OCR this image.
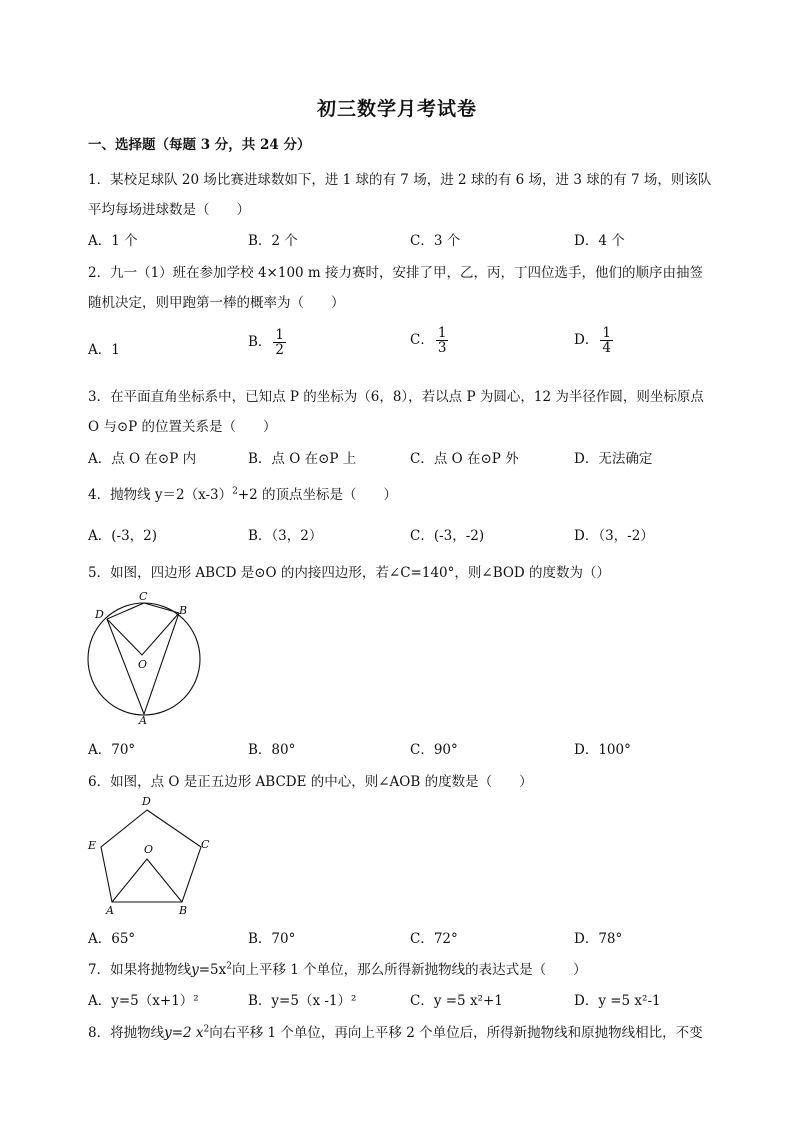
初三数学月考试卷
一、选择题（每题 3 分，共 24 分）
1．某校足球队 20 场比赛进球数如下，进 1 球的有 7 场，进 2 球的有 6 场，进 3 球的有 7 场，则该队
平均每场进球数是（　　）
A．1 个	B．2 个	C．3 个	D．4 个
2．九一（1）班在参加学校 4×100 m 接力赛时，安排了甲，乙，丙，丁四位选手，他们的顺序由抽签
随机决定，则甲跑第一棒的概率为（　　）
A．1	B． $\frac{1}{2}$	C． $\frac{1}{3}$	D． $\frac{1}{4}$
3．在平面直角坐标系中，已知点 P 的坐标为（6，8），若以点 P 为圆心，12 为半径作圆，则坐标原点
O 与⊙P 的位置关系是（　　）
A．点 O 在⊙P 内	B．点 O 在⊙P 上	C．点 O 在⊙P 外	D．无法确定
4．抛物线 $y=2(x-3)^2+2$ 的顶点坐标是（　　）
A．(-3，2)	B．（3，2）	C．(-3，-2)	D．（3，-2）
5．如图，四边形 ABCD 是⊙O 的内接四边形，若∠C=140°，则∠BOD 的度数为（）
D
C
B
O
A
A．70°	B．80°	C．90°	D．100°
6．如图，点 O 是正五边形 ABCDE 的中心，则∠AOB 的度数是（　　）
D
C
E	O
A	B
A．65°	B．70°	C．72°	D．78°
7．如果将抛物线$y=5x^2$向上平移 1 个单位，那么所得新抛物线的表达式是（　　）
A．y=5（x+1）²	B．y=5（x -1）²	C．y =5 x²+1	D．y =5 x²-1
8．将抛物线y=2 $x^2$向右平移 1 个单位，再向上平移 2 个单位后，所得新抛物线和原抛物线相比，不变
